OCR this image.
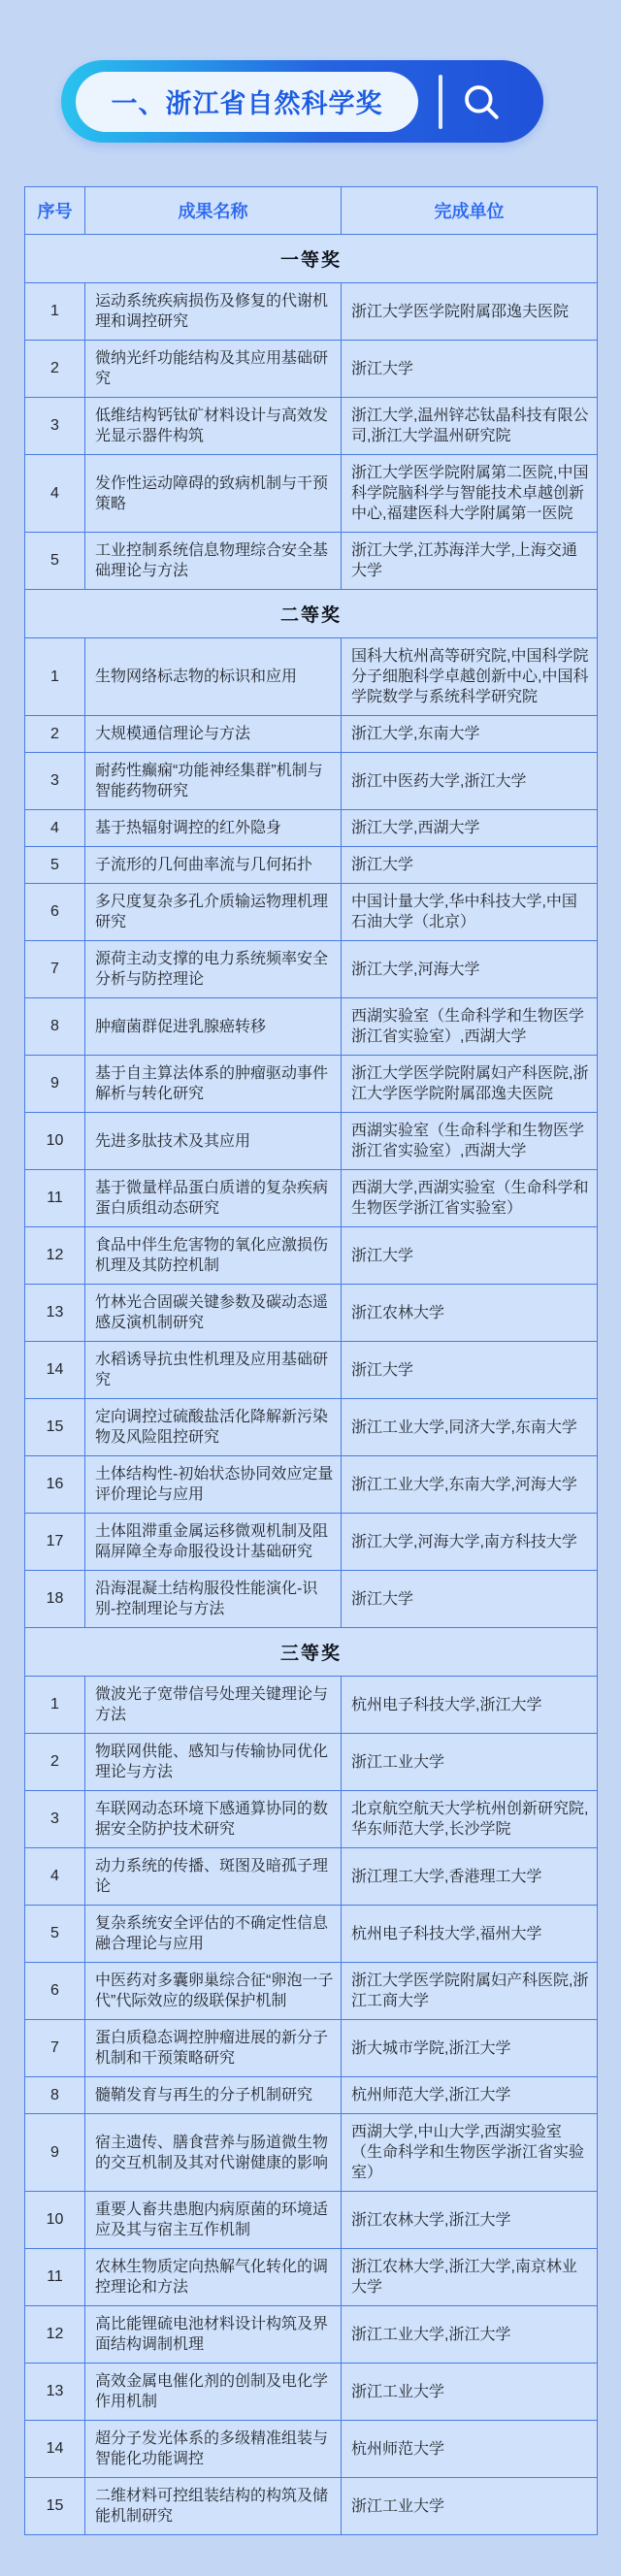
一、浙江省自然科学奖
序号	成果名称	完成单位
一等奖		
1	运动系统疾病损伤及修复的代谢机理和调控研究	浙江大学医学院附属邵逸夫医院
2	微纳光纤功能结构及其应用基础研究	浙江大学
3	低维结构钙钛矿材料设计与高效发光显示器件构筑	浙江大学,温州锌芯钛晶科技有限公司,浙江大学温州研究院
4	发作性运动障碍的致病机制与干预策略	浙江大学医学院附属第二医院,中国科学院脑科学与智能技术卓越创新中心,福建医科大学附属第一医院
5	工业控制系统信息物理综合安全基础理论与方法	浙江大学,江苏海洋大学,上海交通大学
二等奖		
1	生物网络标志物的标识和应用	国科大杭州高等研究院,中国科学院分子细胞科学卓越创新中心,中国科学院数学与系统科学研究院
2	大规模通信理论与方法	浙江大学,东南大学
3	耐药性癫痫“功能神经集群”机制与智能药物研究	浙江中医药大学,浙江大学
4	基于热辐射调控的红外隐身	浙江大学,西湖大学
5	子流形的几何曲率流与几何拓扑	浙江大学
6	多尺度复杂多孔介质输运物理机理研究	中国计量大学,华中科技大学,中国石油大学（北京）
7	源荷主动支撑的电力系统频率安全分析与防控理论	浙江大学,河海大学
8	肿瘤菌群促进乳腺癌转移	西湖实验室（生命科学和生物医学浙江省实验室）,西湖大学
9	基于自主算法体系的肿瘤驱动事件解析与转化研究	浙江大学医学院附属妇产科医院,浙江大学医学院附属邵逸夫医院
10	先进多肽技术及其应用	西湖实验室（生命科学和生物医学浙江省实验室）,西湖大学
11	基于微量样品蛋白质谱的复杂疾病蛋白质组动态研究	西湖大学,西湖实验室（生命科学和生物医学浙江省实验室）
12	食品中伴生危害物的氧化应激损伤机理及其防控机制	浙江大学
13	竹林光合固碳关键参数及碳动态遥感反演机制研究	浙江农林大学
14	水稻诱导抗虫性机理及应用基础研究	浙江大学
15	定向调控过硫酸盐活化降解新污染物及风险阻控研究	浙江工业大学,同济大学,东南大学
16	土体结构性-初始状态协同效应定量评价理论与应用	浙江工业大学,东南大学,河海大学
17	土体阻滞重金属运移微观机制及阻隔屏障全寿命服役设计基础研究	浙江大学,河海大学,南方科技大学
18	沿海混凝土结构服役性能演化-识别-控制理论与方法	浙江大学
三等奖		
1	微波光子宽带信号处理关键理论与方法	杭州电子科技大学,浙江大学
2	物联网供能、感知与传输协同优化理论与方法	浙江工业大学
3	车联网动态环境下感通算协同的数据安全防护技术研究	北京航空航天大学杭州创新研究院,华东师范大学,长沙学院
4	动力系统的传播、斑图及暗孤子理论	浙江理工大学,香港理工大学
5	复杂系统安全评估的不确定性信息融合理论与应用	杭州电子科技大学,福州大学
6	中医药对多囊卵巢综合征“卵泡一子代”代际效应的级联保护机制	浙江大学医学院附属妇产科医院,浙江工商大学
7	蛋白质稳态调控肿瘤进展的新分子机制和干预策略研究	浙大城市学院,浙江大学
8	髓鞘发育与再生的分子机制研究	杭州师范大学,浙江大学
9	宿主遗传、膳食营养与肠道微生物的交互机制及其对代谢健康的影响	西湖大学,中山大学,西湖实验室（生命科学和生物医学浙江省实验室）
10	重要人畜共患胞内病原菌的环境适应及其与宿主互作机制	浙江农林大学,浙江大学
11	农林生物质定向热解气化转化的调控理论和方法	浙江农林大学,浙江大学,南京林业大学
12	高比能锂硫电池材料设计构筑及界面结构调制机理	浙江工业大学,浙江大学
13	高效金属电催化剂的创制及电化学作用机制	浙江工业大学
14	超分子发光体系的多级精准组装与智能化功能调控	杭州师范大学
15	二维材料可控组装结构的构筑及储能机制研究	浙江工业大学
